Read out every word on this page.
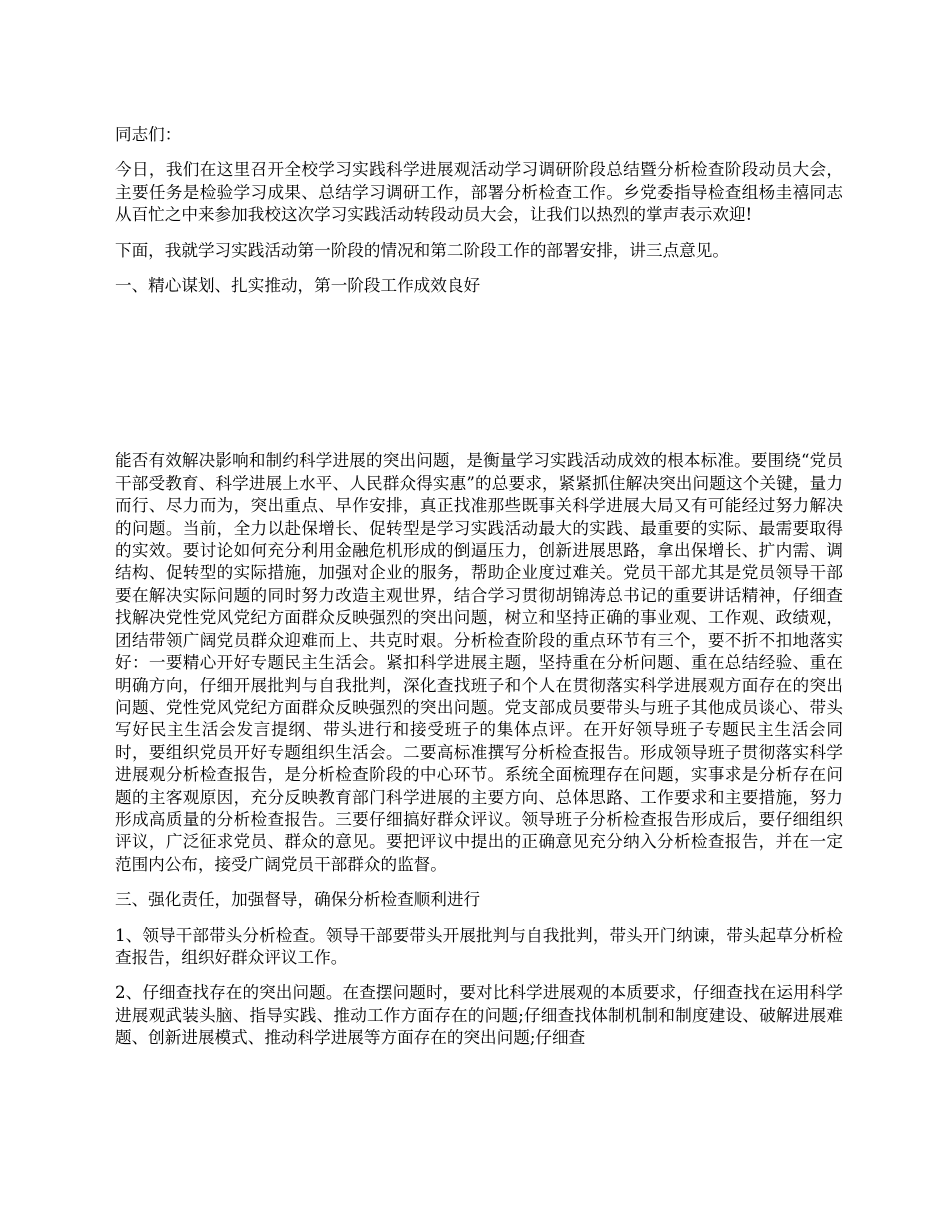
同志们：

今日，我们在这里召开全校学习实践科学进展观活动学习调研阶段总结暨分析检查阶段动员大会，主要任务是检验学习成果、总结学习调研工作，部署分析检查工作。乡党委指导检查组杨圭禧同志从百忙之中来参加我校这次学习实践活动转段动员大会，让我们以热烈的掌声表示欢迎!

下面，我就学习实践活动第一阶段的情况和第二阶段工作的部署安排，讲三点意见。

一、精心谋划、扎实推动，第一阶段工作成效良好

能否有效解决影响和制约科学进展的突出问题，是衡量学习实践活动成效的根本标准。要围绕“党员干部受教育、科学进展上水平、人民群众得实惠”的总要求，紧紧抓住解决突出问题这个关键，量力而行、尽力而为，突出重点、早作安排，真正找准那些既事关科学进展大局又有可能经过努力解决的问题。当前，全力以赴保增长、促转型是学习实践活动最大的实践、最重要的实际、最需要取得的实效。要讨论如何充分利用金融危机形成的倒逼压力，创新进展思路，拿出保增长、扩内需、调结构、促转型的实际措施，加强对企业的服务，帮助企业度过难关。党员干部尤其是党员领导干部要在解决实际问题的同时努力改造主观世界，结合学习贯彻胡锦涛总书记的重要讲话精神，仔细查找解决党性党风党纪方面群众反映强烈的突出问题，树立和坚持正确的事业观、工作观、政绩观，团结带领广阔党员群众迎难而上、共克时艰。分析检查阶段的重点环节有三个，要不折不扣地落实好：一要精心开好专题民主生活会。紧扣科学进展主题，坚持重在分析问题、重在总结经验、重在明确方向，仔细开展批判与自我批判，深化查找班子和个人在贯彻落实科学进展观方面存在的突出问题、党性党风党纪方面群众反映强烈的突出问题。党支部成员要带头与班子其他成员谈心、带头写好民主生活会发言提纲、带头进行和接受班子的集体点评。在开好领导班子专题民主生活会同时，要组织党员开好专题组织生活会。二要高标准撰写分析检查报告。形成领导班子贯彻落实科学进展观分析检查报告，是分析检查阶段的中心环节。系统全面梳理存在问题，实事求是分析存在问题的主客观原因，充分反映教育部门科学进展的主要方向、总体思路、工作要求和主要措施，努力形成高质量的分析检查报告。三要仔细搞好群众评议。领导班子分析检查报告形成后，要仔细组织评议，广泛征求党员、群众的意见。要把评议中提出的正确意见充分纳入分析检查报告，并在一定范围内公布，接受广阔党员干部群众的监督。

三、强化责任，加强督导，确保分析检查顺利进行

1、领导干部带头分析检查。领导干部要带头开展批判与自我批判，带头开门纳谏，带头起草分析检查报告，组织好群众评议工作。

2、仔细查找存在的突出问题。在查摆问题时，要对比科学进展观的本质要求，仔细查找在运用科学进展观武装头脑、指导实践、推动工作方面存在的问题;仔细查找体制机制和制度建设、破解进展难题、创新进展模式、推动科学进展等方面存在的突出问题;仔细查
